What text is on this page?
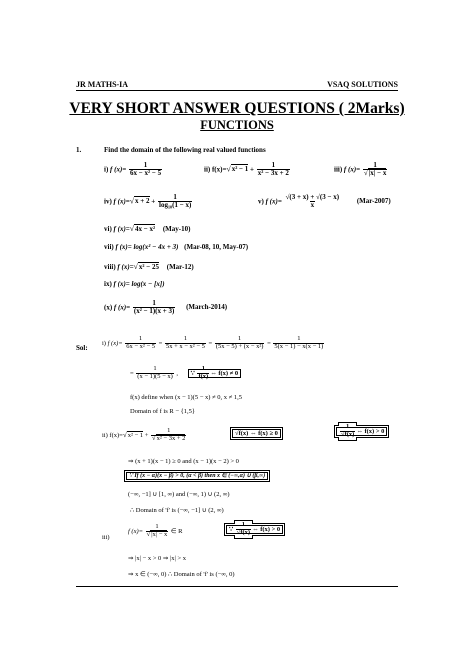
JR MATHS-IA	VSAQ SOLUTIONS
VERY SHORT ANSWER QUESTIONS ( 2Marks)
FUNCTIONS
1.	Find the domain of the following real valued functions
i) f $(x)= \frac{1}{\text{6x − x² − 5}}$	ii) $f(x)=√x^2 - 1 + \frac{1}{\text{x² − 3x + 2}}$	iii) f $(x)= \frac{1}{√|x| - x}$
iv) f $(x)=√x + 2 + \frac{1}{\text{log₁₀(1 − x)}}$	v) f $(x)= \frac{√(3 + x) + √(3 - x)}{x} (Mar-2007)$
vi) f (x)=√4x − x² (May-10)
vii) f (x)= log(x² − 4x + 3) (Mar-08, 10, May-07)
viii) f (x)=√x² − 25 (Mar-12)
ix) f (x)= log(x − [x])
(x) f $(x)= \frac{1}{\text{(x² − 1)(x + 3)}}$ (March-2014)
Sol:
i) f $(x)= \frac{1}{\text{6x − x² − 5}} = \frac{1}{\text{5x + x − x² − 5}} = \frac{1}{\text{(5x − 5) + (x − x²)}} = \frac{1}{5(x - 1) - x(x - 1)}$
= $\frac{1}{(x - 1)(5 - x)}$ , ∵ $\frac{1}{f(x)}$ ⇔ f(x) ≠ 0
f(x) define when (x − 1)(5 − x) ≠ 0, x ≠ 1,5
Domain of f is R − {1,5}
ii) $f(x)=√x^2 - 1 + \frac{1}{\text{√x² − 3x + 2}}$	√f(x) ⇔ f(x) ≥ 0	$\frac{1}{√f(x)}$ ⇔ f(x) > 0
⇒ (x + 1)(x − 1) ≥ 0 and (x − 1)(x − 2) > 0
∵ If (x − α)(x − β) > 0, (α < β) then x ∈ (−∞,α) ∪ (β,∞)
(−∞, −1] ∪ [1, ∞) and (−∞, 1) ∪ (2, ∞)
∴ Domain of 'f' is (−∞, −1] ∪ (2, ∞)
iii)
f $(x)= \frac{1}{√|x| - x}$ ∈ R	∵ $\frac{1}{√f(x)}$ ⇔ f(x) > 0
⇒ |x| − x > 0 ⇒ |x| > x
⇒ x ∈ (−∞, 0) ∴ Domain of 'f' is (−∞, 0)
